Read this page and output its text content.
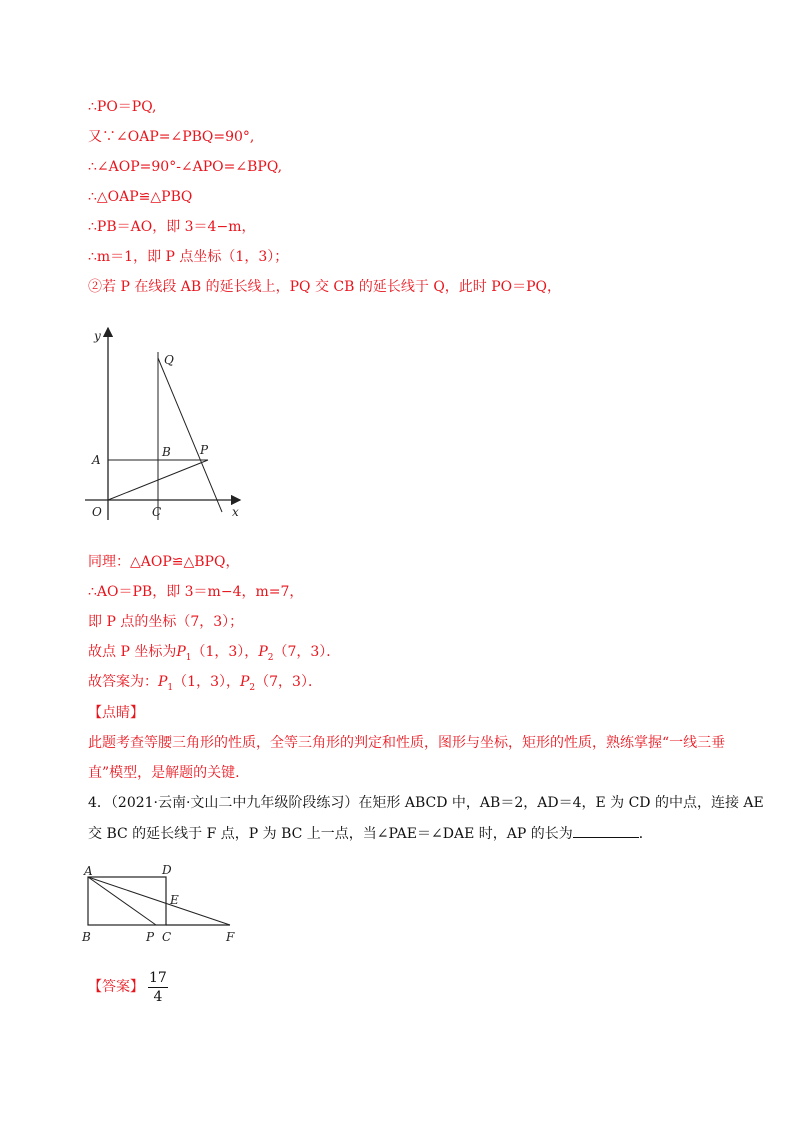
∴PO＝PQ,
又∵∠OAP=∠PBQ=90°,
∴∠AOP=90°-∠APO=∠BPQ,
∴△OAP≌△PBQ
∴PB＝AO，即 3＝4−m，
∴m＝1，即 P 点坐标（1，3）；
②若 P 在线段 AB 的延长线上，PQ 交 CB 的延长线于 Q，此时 PO＝PQ，
y
x
O
A
B
C
P
Q
同理：△AOP≌△BPQ，
∴AO＝PB，即 3＝m−4，m=7，
即 P 点的坐标（7，3）；
故点 P 坐标为$P_1(1$，3），$P_2(7$，3）．
故答案为：$P_1(1$，3），$P_2(7$，3）．
【点睛】
此题考查等腰三角形的性质，全等三角形的判定和性质，图形与坐标，矩形的性质，熟练掌握“一线三垂
直”模型，是解题的关键.
4．（2021·云南·文山二中九年级阶段练习）在矩形 ABCD 中，AB＝2，AD＝4，E 为 CD 的中点，连接 AE
交 BC 的延长线于 F 点，P 为 BC 上一点，当∠PAE＝∠DAE 时，AP 的长为	．
A	D
E
B	P C	F
【答案】 $\frac{17}{4}$
